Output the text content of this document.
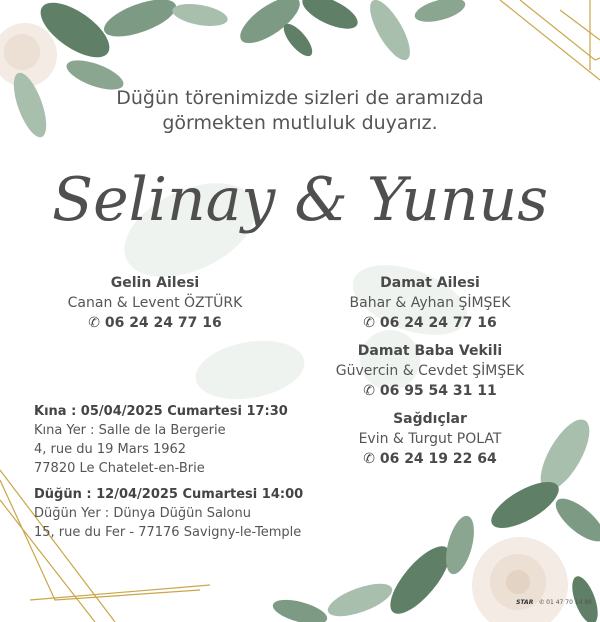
Düğün törenimizde sizleri de aramızda
görmekten mutluluk duyarız.
Selinay & Yunus
Gelin Ailesi
Canan & Levent ÖZTÜRK
✆ 06 24 24 77 16
Damat Ailesi
Bahar & Ayhan ŞİMŞEK
✆ 06 24 24 77 16
Damat Baba Vekili
Güvercin & Cevdet ŞİMŞEK
✆ 06 95 54 31 11
Sağdıçlar
Evin & Turgut POLAT
✆ 06 24 19 22 64
Kına : 05/04/2025 Cumartesi 17:30
Kına Yer : Salle de la Bergerie
4, rue du 19 Mars 1962
77820 Le Chatelet-en-Brie
Düğün : 12/04/2025 Cumartesi 14:00
Düğün Yer : Dünya Düğün Salonu
15, rue du Fer - 77176 Savigny-le-Temple
STAR ✆ 01 47 70 14 86
